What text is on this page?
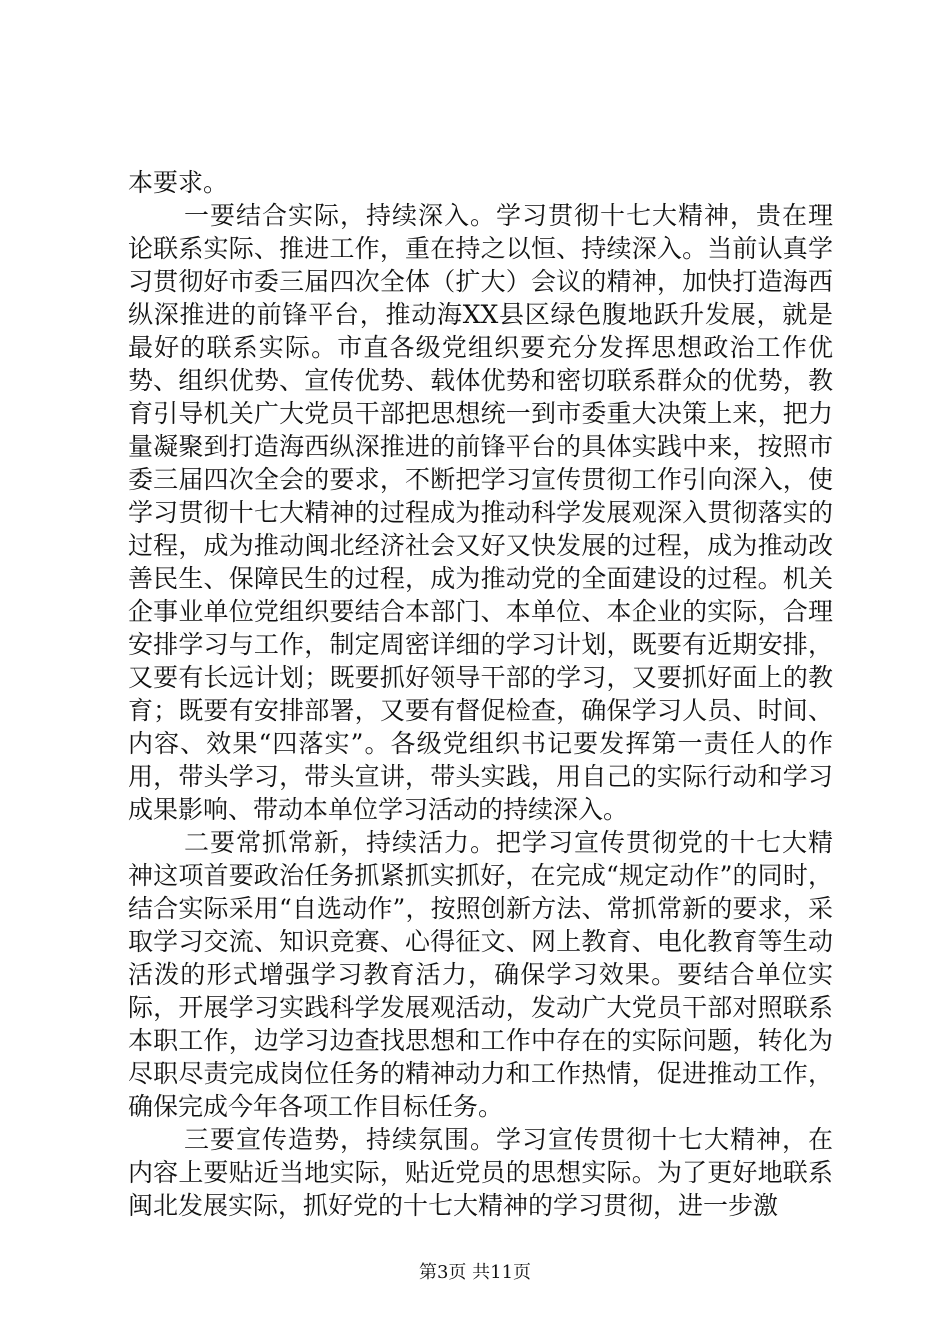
本要求。

一要结合实际，持续深入。学习贯彻十七大精神，贵在理论联系实际、推进工作，重在持之以恒、持续深入。当前认真学习贯彻好市委三届四次全体（扩大）会议的精神，加快打造海西纵深推进的前锋平台，推动海XX县区绿色腹地跃升发展，就是最好的联系实际。市直各级党组织要充分发挥思想政治工作优势、组织优势、宣传优势、载体优势和密切联系群众的优势，教育引导机关广大党员干部把思想统一到市委重大决策上来，把力量凝聚到打造海西纵深推进的前锋平台的具体实践中来，按照市委三届四次全会的要求，不断把学习宣传贯彻工作引向深入，使学习贯彻十七大精神的过程成为推动科学发展观深入贯彻落实的过程，成为推动闽北经济社会又好又快发展的过程，成为推动改善民生、保障民生的过程，成为推动党的全面建设的过程。机关企事业单位党组织要结合本部门、本单位、本企业的实际，合理安排学习与工作，制定周密详细的学习计划，既要有近期安排，又要有长远计划；既要抓好领导干部的学习，又要抓好面上的教育；既要有安排部署，又要有督促检查，确保学习人员、时间、内容、效果“四落实”。各级党组织书记要发挥第一责任人的作用，带头学习，带头宣讲，带头实践，用自己的实际行动和学习成果影响、带动本单位学习活动的持续深入。

二要常抓常新，持续活力。把学习宣传贯彻党的十七大精神这项首要政治任务抓紧抓实抓好，在完成“规定动作”的同时，结合实际采用“自选动作”，按照创新方法、常抓常新的要求，采取学习交流、知识竞赛、心得征文、网上教育、电化教育等生动活泼的形式增强学习教育活力，确保学习效果。要结合单位实际，开展学习实践科学发展观活动，发动广大党员干部对照联系本职工作，边学习边查找思想和工作中存在的实际问题，转化为尽职尽责完成岗位任务的精神动力和工作热情，促进推动工作，确保完成今年各项工作目标任务。

三要宣传造势，持续氛围。学习宣传贯彻十七大精神，在内容上要贴近当地实际，贴近党员的思想实际。为了更好地联系闽北发展实际，抓好党的十七大精神的学习贯彻，进一步激

第3页 共11页
